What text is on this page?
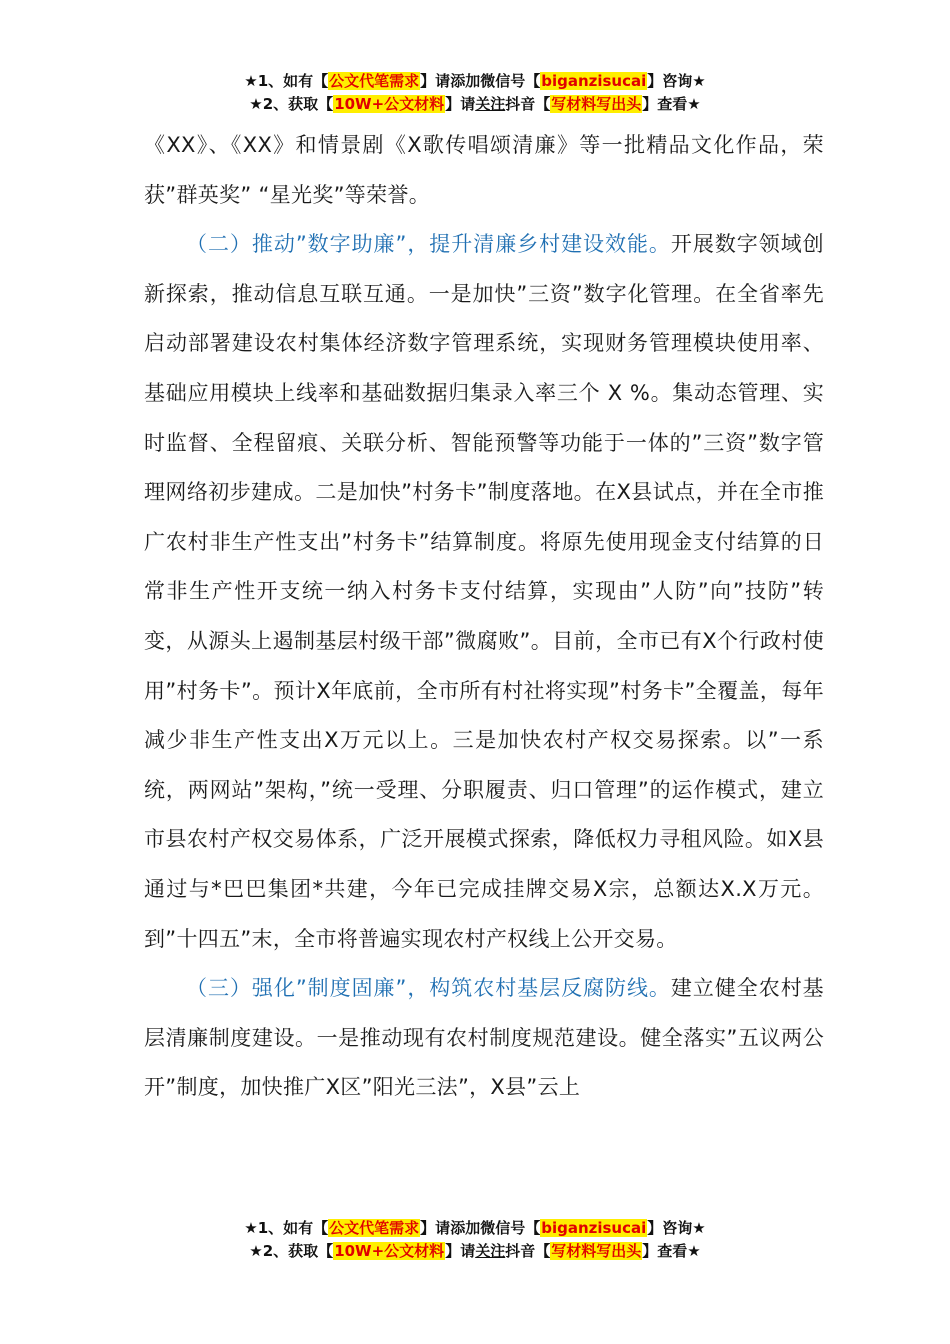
★1、如有【公文代笔需求】请添加微信号【biganzisucai】咨询★
★2、获取【10W+公文材料】请关注抖音【写材料写出头】查看★

《XX》、《XX》和情景剧《X歌传唱颂清廉》等一批精品文化作品，荣获”群英奖” “星光奖”等荣誉。

（二）推动”数字助廉”，提升清廉乡村建设效能。开展数字领域创新探索，推动信息互联互通。一是加快”三资”数字化管理。在全省率先启动部署建设农村集体经济数字管理系统，实现财务管理模块使用率、基础应用模块上线率和基础数据归集录入率三个 X %。集动态管理、实时监督、全程留痕、关联分析、智能预警等功能于一体的”三资”数字管理网络初步建成。二是加快”村务卡”制度落地。在X县试点，并在全市推广农村非生产性支出”村务卡”结算制度。将原先使用现金支付结算的日常非生产性开支统一纳入村务卡支付结算，实现由”人防”向”技防”转变，从源头上遏制基层村级干部”微腐败”。目前，全市已有X个行政村使用”村务卡”。预计X年底前，全市所有村社将实现”村务卡”全覆盖，每年减少非生产性支出X万元以上。三是加快农村产权交易探索。以”一系统，两网站”架构，”统一受理、分职履责、归口管理”的运作模式，建立市县农村产权交易体系，广泛开展模式探索，降低权力寻租风险。如X县通过与*巴巴集团*共建，今年已完成挂牌交易X宗，总额达X.X万元。到”十四五”末，全市将普遍实现农村产权线上公开交易。

（三）强化”制度固廉”，构筑农村基层反腐防线。建立健全农村基层清廉制度建设。一是推动现有农村制度规范建设。健全落实”五议两公开”制度，加快推广X区”阳光三法”，X县”云上

★1、如有【公文代笔需求】请添加微信号【biganzisucai】咨询★
★2、获取【10W+公文材料】请关注抖音【写材料写出头】查看★
